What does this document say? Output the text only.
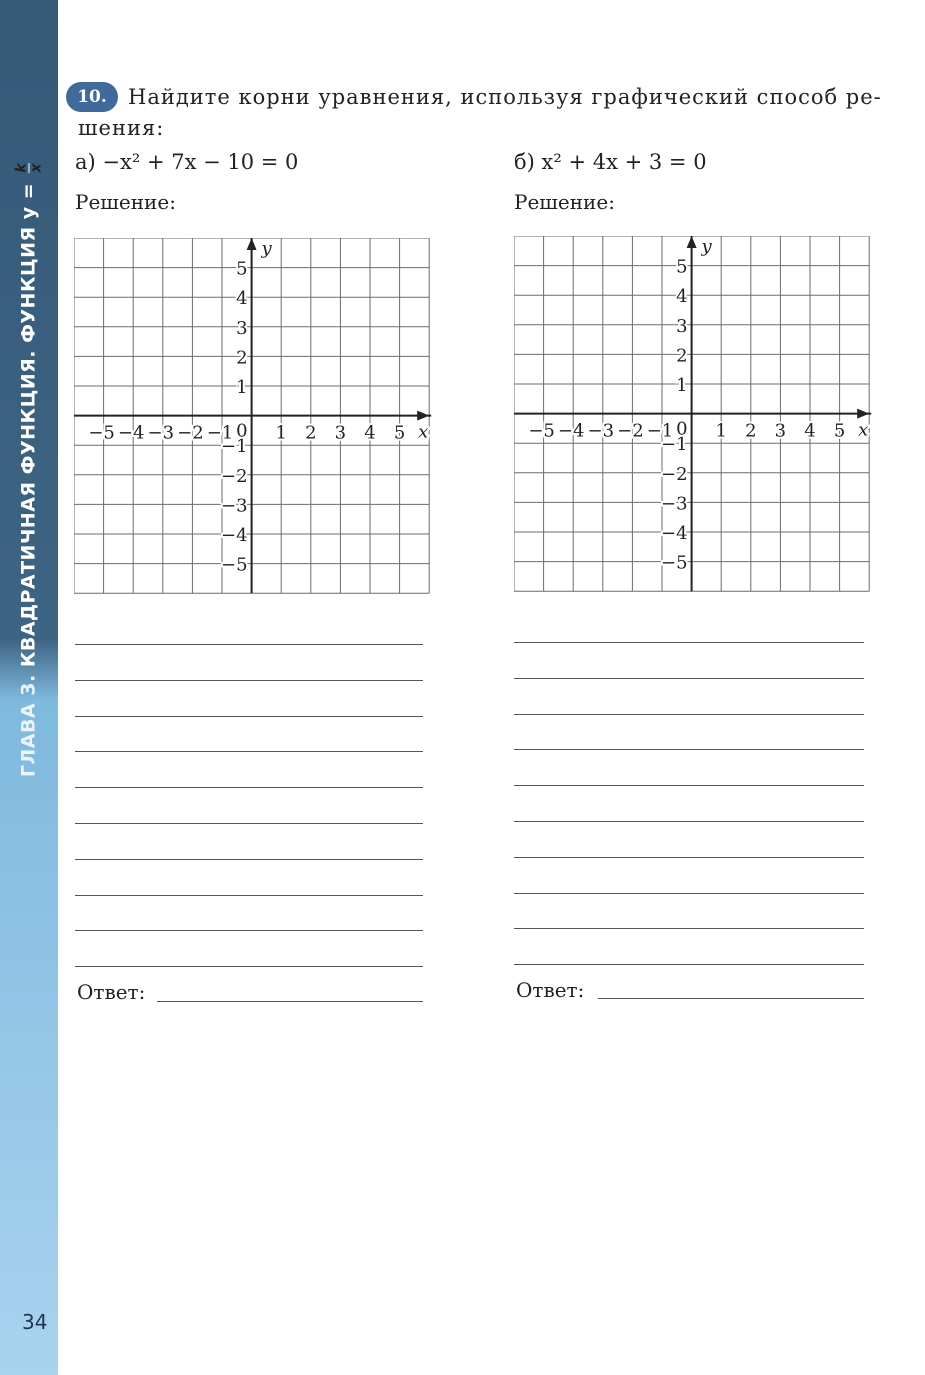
ГЛАВА 3. КВАДРАТИЧНАЯ ФУНКЦИЯ. ФУНКЦИЯ y =
k x
34
10.	Найдите корни уравнения, используя графический способ ре-
шения:
а) −x² + 7x − 10 = 0
Решение:
б) x² + 4x + 3 = 0
Решение:
−5 −4 −3 −2 −1 1 2 3 4 5
5
4
3
2
1
−1
−2
−3
−4
−5
0	x
y
−5 −4 −3 −2 −1 1 2 3 4 5
5
4
3
2
1
−1
−2
−3
−4
−5
0	x
y
Ответ:	Ответ:
